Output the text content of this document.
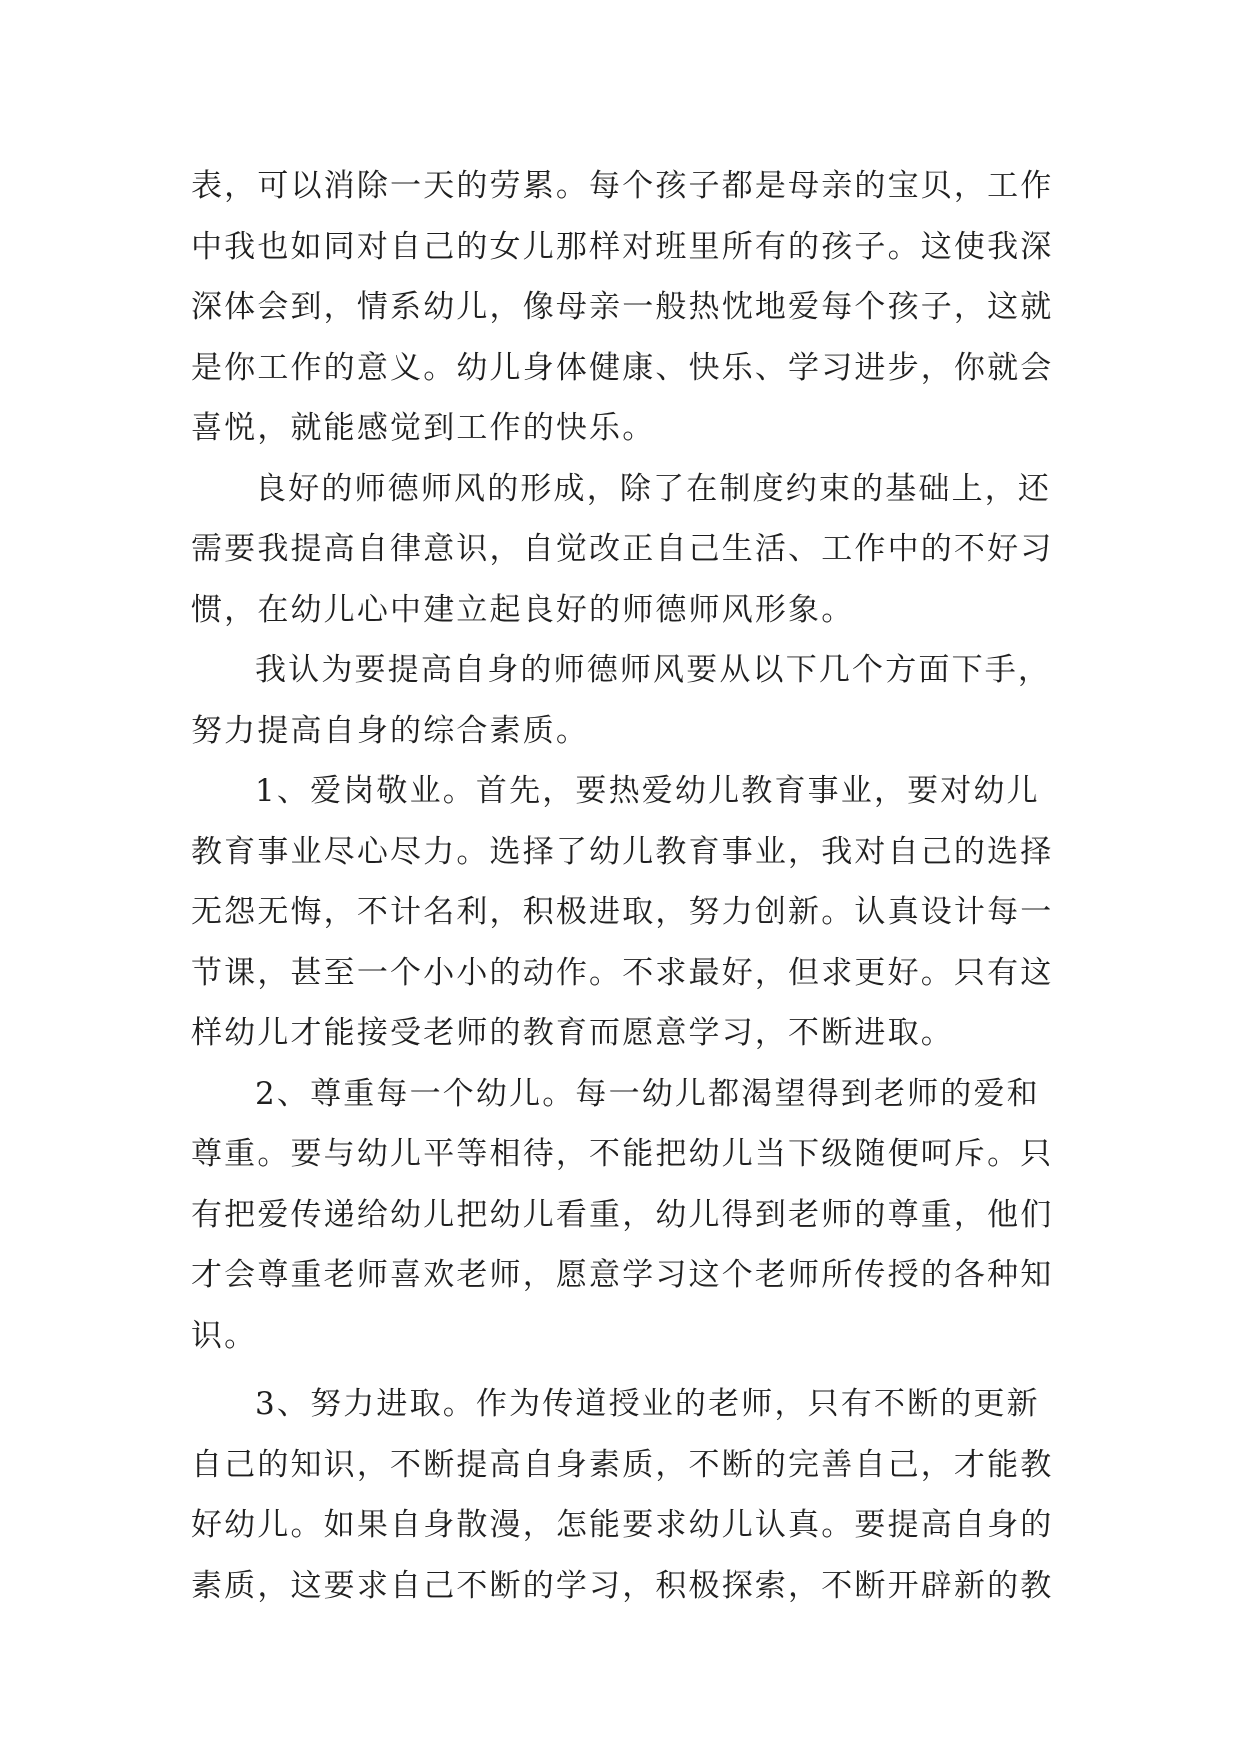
表，可以消除一天的劳累。每个孩子都是母亲的宝贝，工作
中我也如同对自己的女儿那样对班里所有的孩子。这使我深
深体会到，情系幼儿，像母亲一般热忱地爱每个孩子，这就
是你工作的意义。幼儿身体健康、快乐、学习进步，你就会
喜悦，就能感觉到工作的快乐。
良好的师德师风的形成，除了在制度约束的基础上，还
需要我提高自律意识，自觉改正自己生活、工作中的不好习
惯，在幼儿心中建立起良好的师德师风形象。
我认为要提高自身的师德师风要从以下几个方面下手，
努力提高自身的综合素质。
1、爱岗敬业。首先，要热爱幼儿教育事业，要对幼儿
教育事业尽心尽力。选择了幼儿教育事业，我对自己的选择
无怨无悔，不计名利，积极进取，努力创新。认真设计每一
节课，甚至一个小小的动作。不求最好，但求更好。只有这
样幼儿才能接受老师的教育而愿意学习，不断进取。
2、尊重每一个幼儿。每一幼儿都渴望得到老师的爱和
尊重。要与幼儿平等相待，不能把幼儿当下级随便呵斥。只
有把爱传递给幼儿把幼儿看重，幼儿得到老师的尊重，他们
才会尊重老师喜欢老师，愿意学习这个老师所传授的各种知
识。
3、努力进取。作为传道授业的老师，只有不断的更新
自己的知识，不断提高自身素质，不断的完善自己，才能教
好幼儿。如果自身散漫，怎能要求幼儿认真。要提高自身的
素质，这要求自己不断的学习，积极探索，不断开辟新的教
